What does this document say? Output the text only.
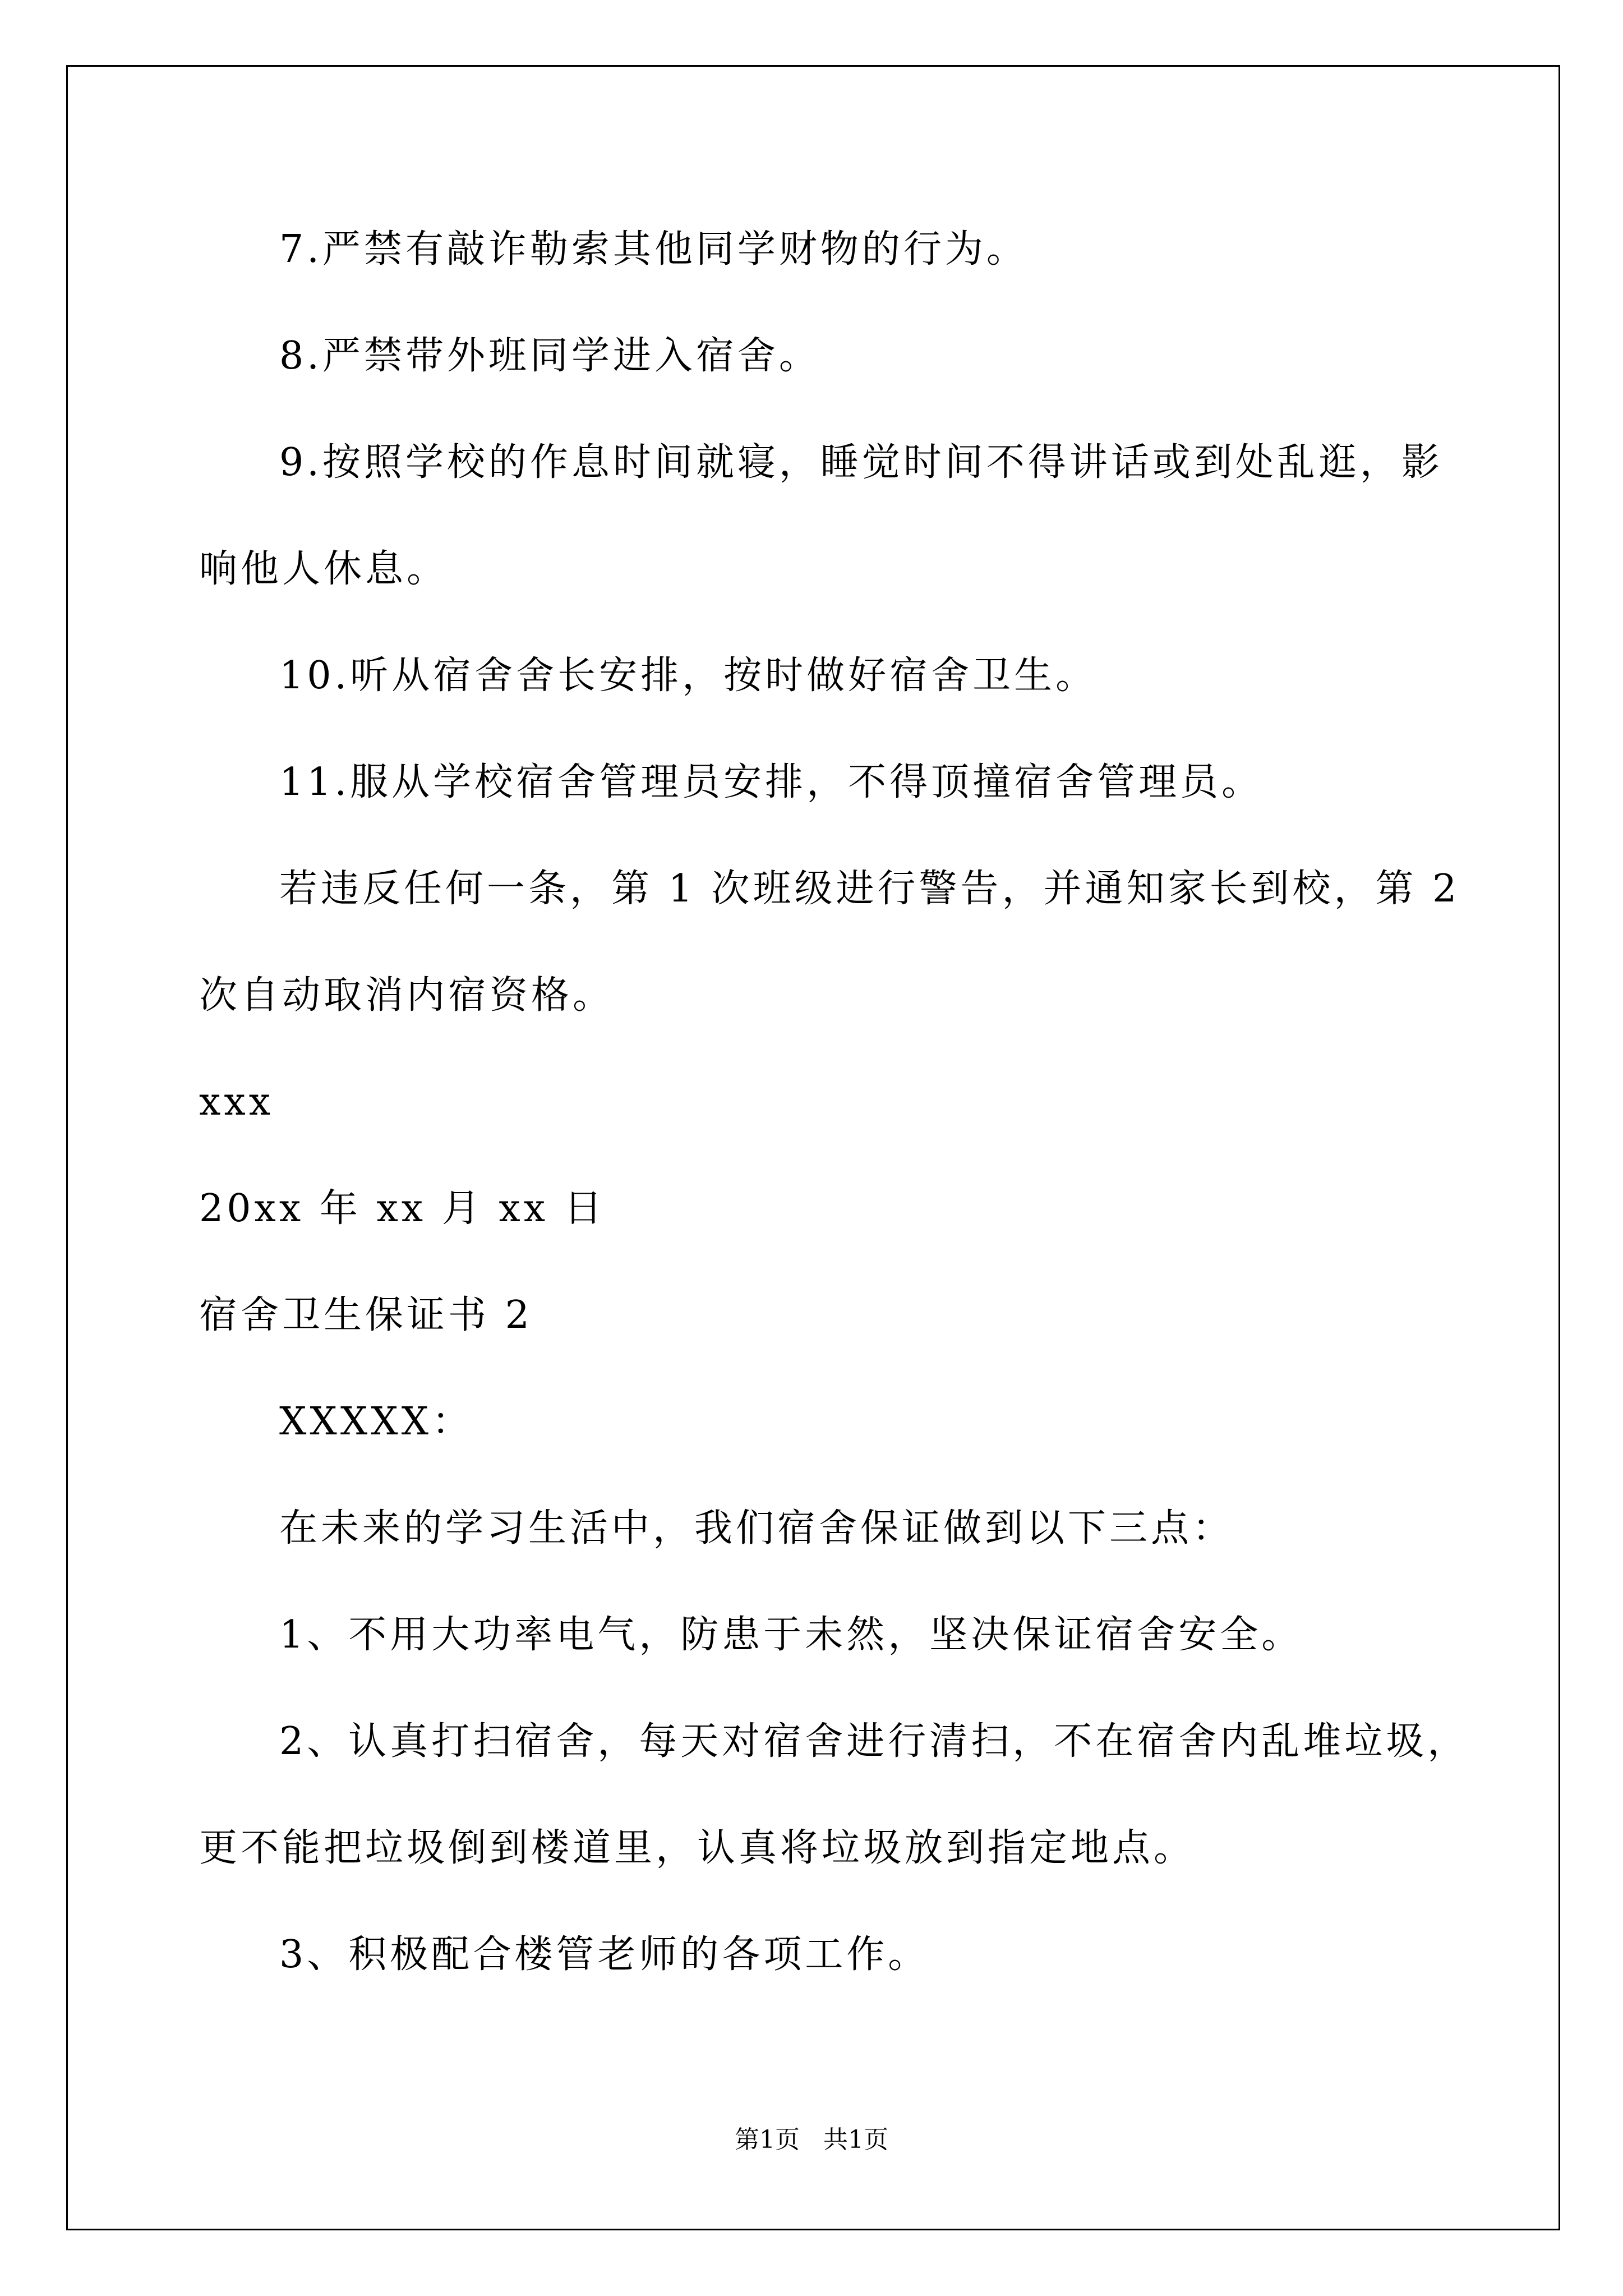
7.严禁有敲诈勒索其他同学财物的行为。
8.严禁带外班同学进入宿舍。
9.按照学校的作息时间就寝，睡觉时间不得讲话或到处乱逛，影
响他人休息。
10.听从宿舍舍长安排，按时做好宿舍卫生。
11.服从学校宿舍管理员安排，不得顶撞宿舍管理员。
若违反任何一条，第 1 次班级进行警告，并通知家长到校，第 2
次自动取消内宿资格。
xxx
20xx 年 xx 月 xx 日
宿舍卫生保证书 2
XXXXX：
在未来的学习生活中，我们宿舍保证做到以下三点：
1、不用大功率电气，防患于未然，坚决保证宿舍安全。
2、认真打扫宿舍，每天对宿舍进行清扫，不在宿舍内乱堆垃圾，
更不能把垃圾倒到楼道里，认真将垃圾放到指定地点。
3、积极配合楼管老师的各项工作。
第1页   共1页
